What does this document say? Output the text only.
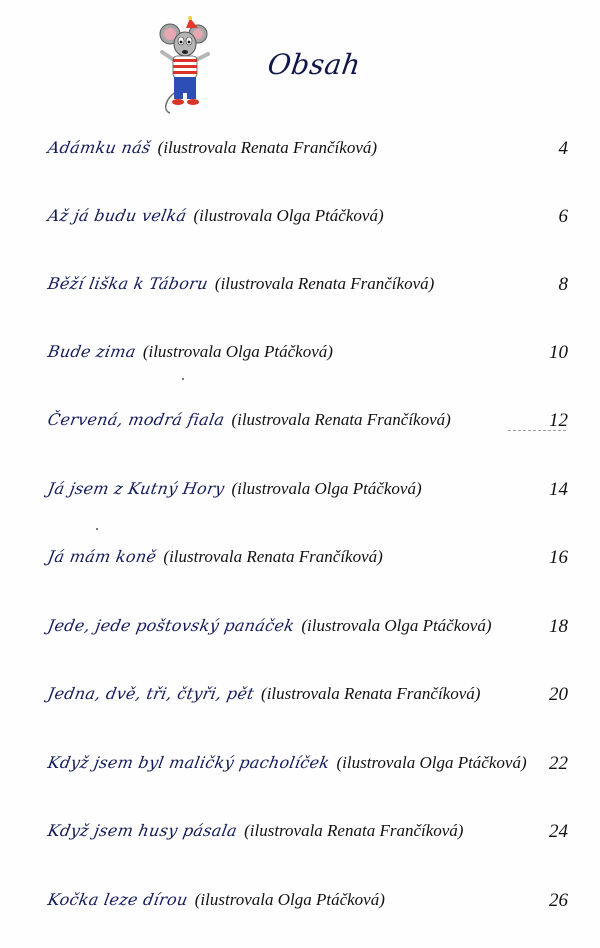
Obsah
Adámku náš (ilustrovala Renata Frančíková)	4
Až já budu velká (ilustrovala Olga Ptáčková)	6
Běží liška k Táboru (ilustrovala Renata Frančíková)	8
Bude zima (ilustrovala Olga Ptáčková)	10
Červená, modrá fiala (ilustrovala Renata Frančíková)	12
Já jsem z Kutný Hory (ilustrovala Olga Ptáčková)	14
Já mám koně (ilustrovala Renata Frančíková)	16
Jede, jede poštovský panáček (ilustrovala Olga Ptáčková)	18
Jedna, dvě, tři, čtyři, pět (ilustrovala Renata Frančíková)	20
Když jsem byl maličký pacholíček (ilustrovala Olga Ptáčková) 22
Když jsem husy pásala (ilustrovala Renata Frančíková)	24
Kočka leze dírou (ilustrovala Olga Ptáčková)	26
